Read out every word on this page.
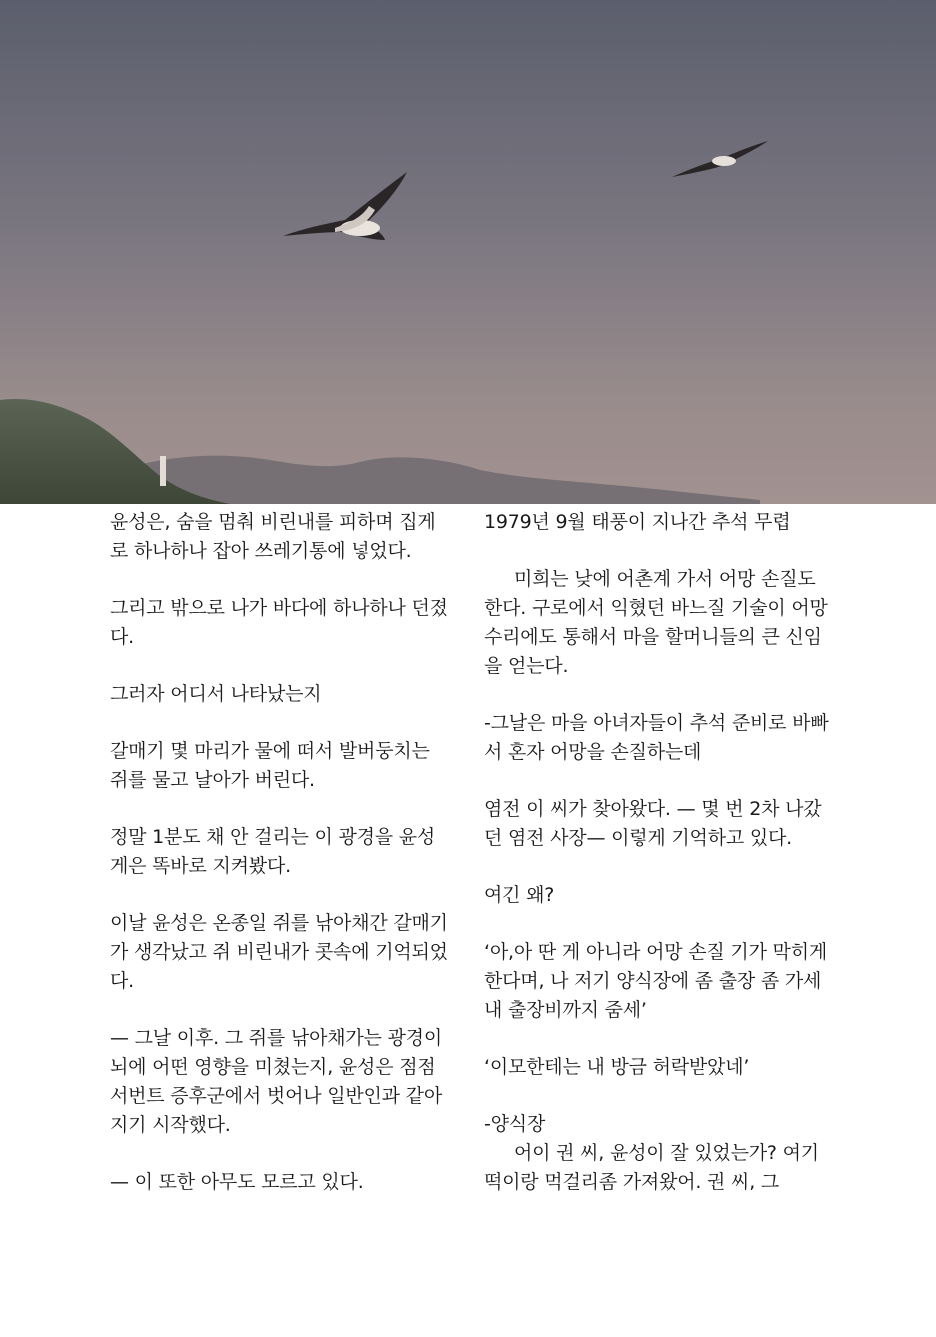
윤성은, 숨을 멈춰 비린내를 피하며 집게로 하나하나 잡아 쓰레기통에 넣었다.

그리고 밖으로 나가 바다에 하나하나 던졌다.

그러자 어디서 나타났는지

갈매기 몇 마리가 물에 떠서 발버둥치는 쥐를 물고 날아가 버린다.

정말 1분도 채 안 걸리는 이 광경을 윤성게은 똑바로 지켜봤다.

이날 윤성은 온종일 쥐를 낚아채간 갈매기가 생각났고 쥐 비린내가 콧속에 기억되었다.

— 그날 이후. 그 쥐를 낚아채가는 광경이 뇌에 어떤 영향을 미쳤는지, 윤성은 점점 서번트 증후군에서 벗어나 일반인과 같아지기 시작했다.

— 이 또한 아무도 모르고 있다.

1979년 9월 태풍이 지나간 추석 무렵

미희는 낮에 어촌계 가서 어망 손질도 한다. 구로에서 익혔던 바느질 기술이 어망 수리에도 통해서 마을 할머니들의 큰 신임을 얻는다.

-그날은 마을 아녀자들이 추석 준비로 바빠서 혼자 어망을 손질하는데

염전 이 씨가 찾아왔다. — 몇 번 2차 나갔던 염전 사장— 이렇게 기억하고 있다.

여긴 왜?

‘아,아 딴 게 아니라 어망 손질 기가 막히게 한다며, 나 저기 양식장에 좀 출장 좀 가세 내 출장비까지 줌세’

‘이모한테는 내 방금 허락받았네’

-양식장

어이 권 씨, 윤성이 잘 있었는가? 여기 떡이랑 먹걸리좀 가져왔어. 권 씨, 그
